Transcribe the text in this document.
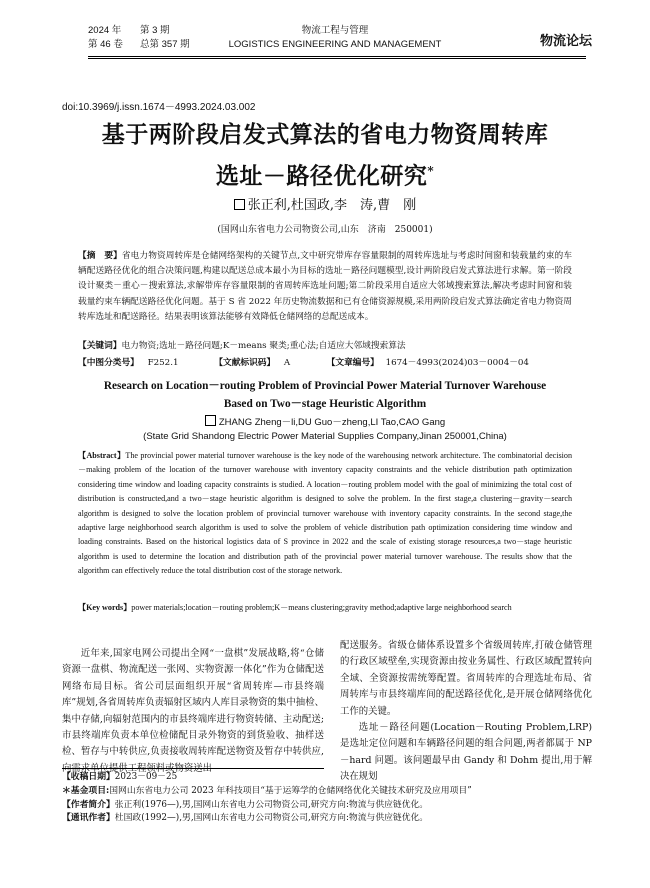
2024 年 第 3 期
第 46 卷 总第 357 期
物流工程与管理
LOGISTICS ENGINEERING AND MANAGEMENT	物流论坛
doi:10.3969/j.issn.1674－4993.2024.03.002
基于两阶段启发式算法的省电力物资周转库
选址－路径优化研究*
张正利,杜国政,李　涛,曹　刚
(国网山东省电力公司物资公司,山东　济南　250001)
【摘　要】省电力物资周转库是仓储网络架构的关键节点,文中研究带库存容量限制的周转库选址与考虑时间窗和装载量约束的车辆配送路径优化的组合决策问题,构建以配送总成本最小为目标的选址－路径问题模型,设计两阶段启发式算法进行求解。第一阶段设计聚类－重心－搜索算法,求解带库存容量限制的省周转库选址问题;第二阶段采用自适应大邻域搜索算法,解决考虑时间窗和装载量约束车辆配送路径优化问题。基于 S 省 2022 年历史物流数据和已有仓储资源规模,采用两阶段启发式算法确定省电力物资周转库选址和配送路径。结果表明该算法能够有效降低仓储网络的总配送成本。
【关键词】电力物资;选址－路径问题;K－means 聚类;重心法;自适应大邻域搜索算法
【中图分类号】 F252.1	【文献标识码】 A	【文章编号】 1674－4993(2024)03－0004－04
Research on Location－routing Problem of Provincial Power Material Turnover Warehouse
Based on Two－stage Heuristic Algorithm
ZHANG Zheng－li,DU Guo－zheng,LI Tao,CAO Gang
(State Grid Shandong Electric Power Material Supplies Company,Jinan 250001,China)
【Abstract】The provincial power material turnover warehouse is the key node of the warehousing network architecture. The combinatorial decision－making problem of the location of the turnover warehouse with inventory capacity constraints and the vehicle distribution path optimization considering time window and loading capacity constraints is studied. A location－routing problem model with the goal of minimizing the total cost of distribution is constructed,and a two－stage heuristic algorithm is designed to solve the problem. In the first stage,a clustering－gravity－search algorithm is designed to solve the location problem of provincial turnover warehouse with inventory capacity constraints. In the second stage,the adaptive large neighborhood search algorithm is used to solve the problem of vehicle distribution path optimization considering time window and loading constraints. Based on the historical logistics data of S province in 2022 and the scale of existing storage resources,a two－stage heuristic algorithm is used to determine the location and distribution path of the provincial power material turnover warehouse. The results show that the algorithm can effectively reduce the total distribution cost of the storage network.
【Key words】power materials;location－routing problem;K－means clustering;gravity method;adaptive large neighborhood search

近年来,国家电网公司提出全网“一盘棋”发展战略,将“仓储资源一盘棋、物流配送一张网、实物资源一体化”作为仓储配送网络布局目标。省公司层面组织开展“省周转库—市县终端库”规划,各省周转库负责辐射区域内人库目录物资的集中抽检、集中存储,向辐射范围内的市县终端库进行物资转储、主动配送;市县终端库负责本单位检储配目录外物资的到货验收、抽样送检、暂存与中转供应,负责接收周转库配送物资及暂存中转供应,向需求单位提供工程领料或物资送出

配送服务。省级仓储体系设置多个省级周转库,打破仓储管理的行政区域壁垒,实现资源由按业务属性、行政区域配置转向全域、全资源按需统筹配置。省周转库的合理选址布局、省周转库与市县终端库间的配送路径优化,是开展仓储网络优化工作的关键。

选址－路径问题(Location－Routing Problem,LRP)是选址定位问题和车辆路径问题的组合问题,两者都属于 NP－hard 问题。该问题最早由 Gandy 和 Dohm 提出,用于解决在规划

【收稿日期】2023－09－25
＊基金项目:国网山东省电力公司 2023 年科技项目“基于运筹学的仓储网络优化关键技术研究及应用项目”
【作者简介】张正利(1976—),男,国网山东省电力公司物资公司,研究方向:物流与供应链优化。
【通讯作者】杜国政(1992—),男,国网山东省电力公司物资公司,研究方向:物流与供应链优化。
